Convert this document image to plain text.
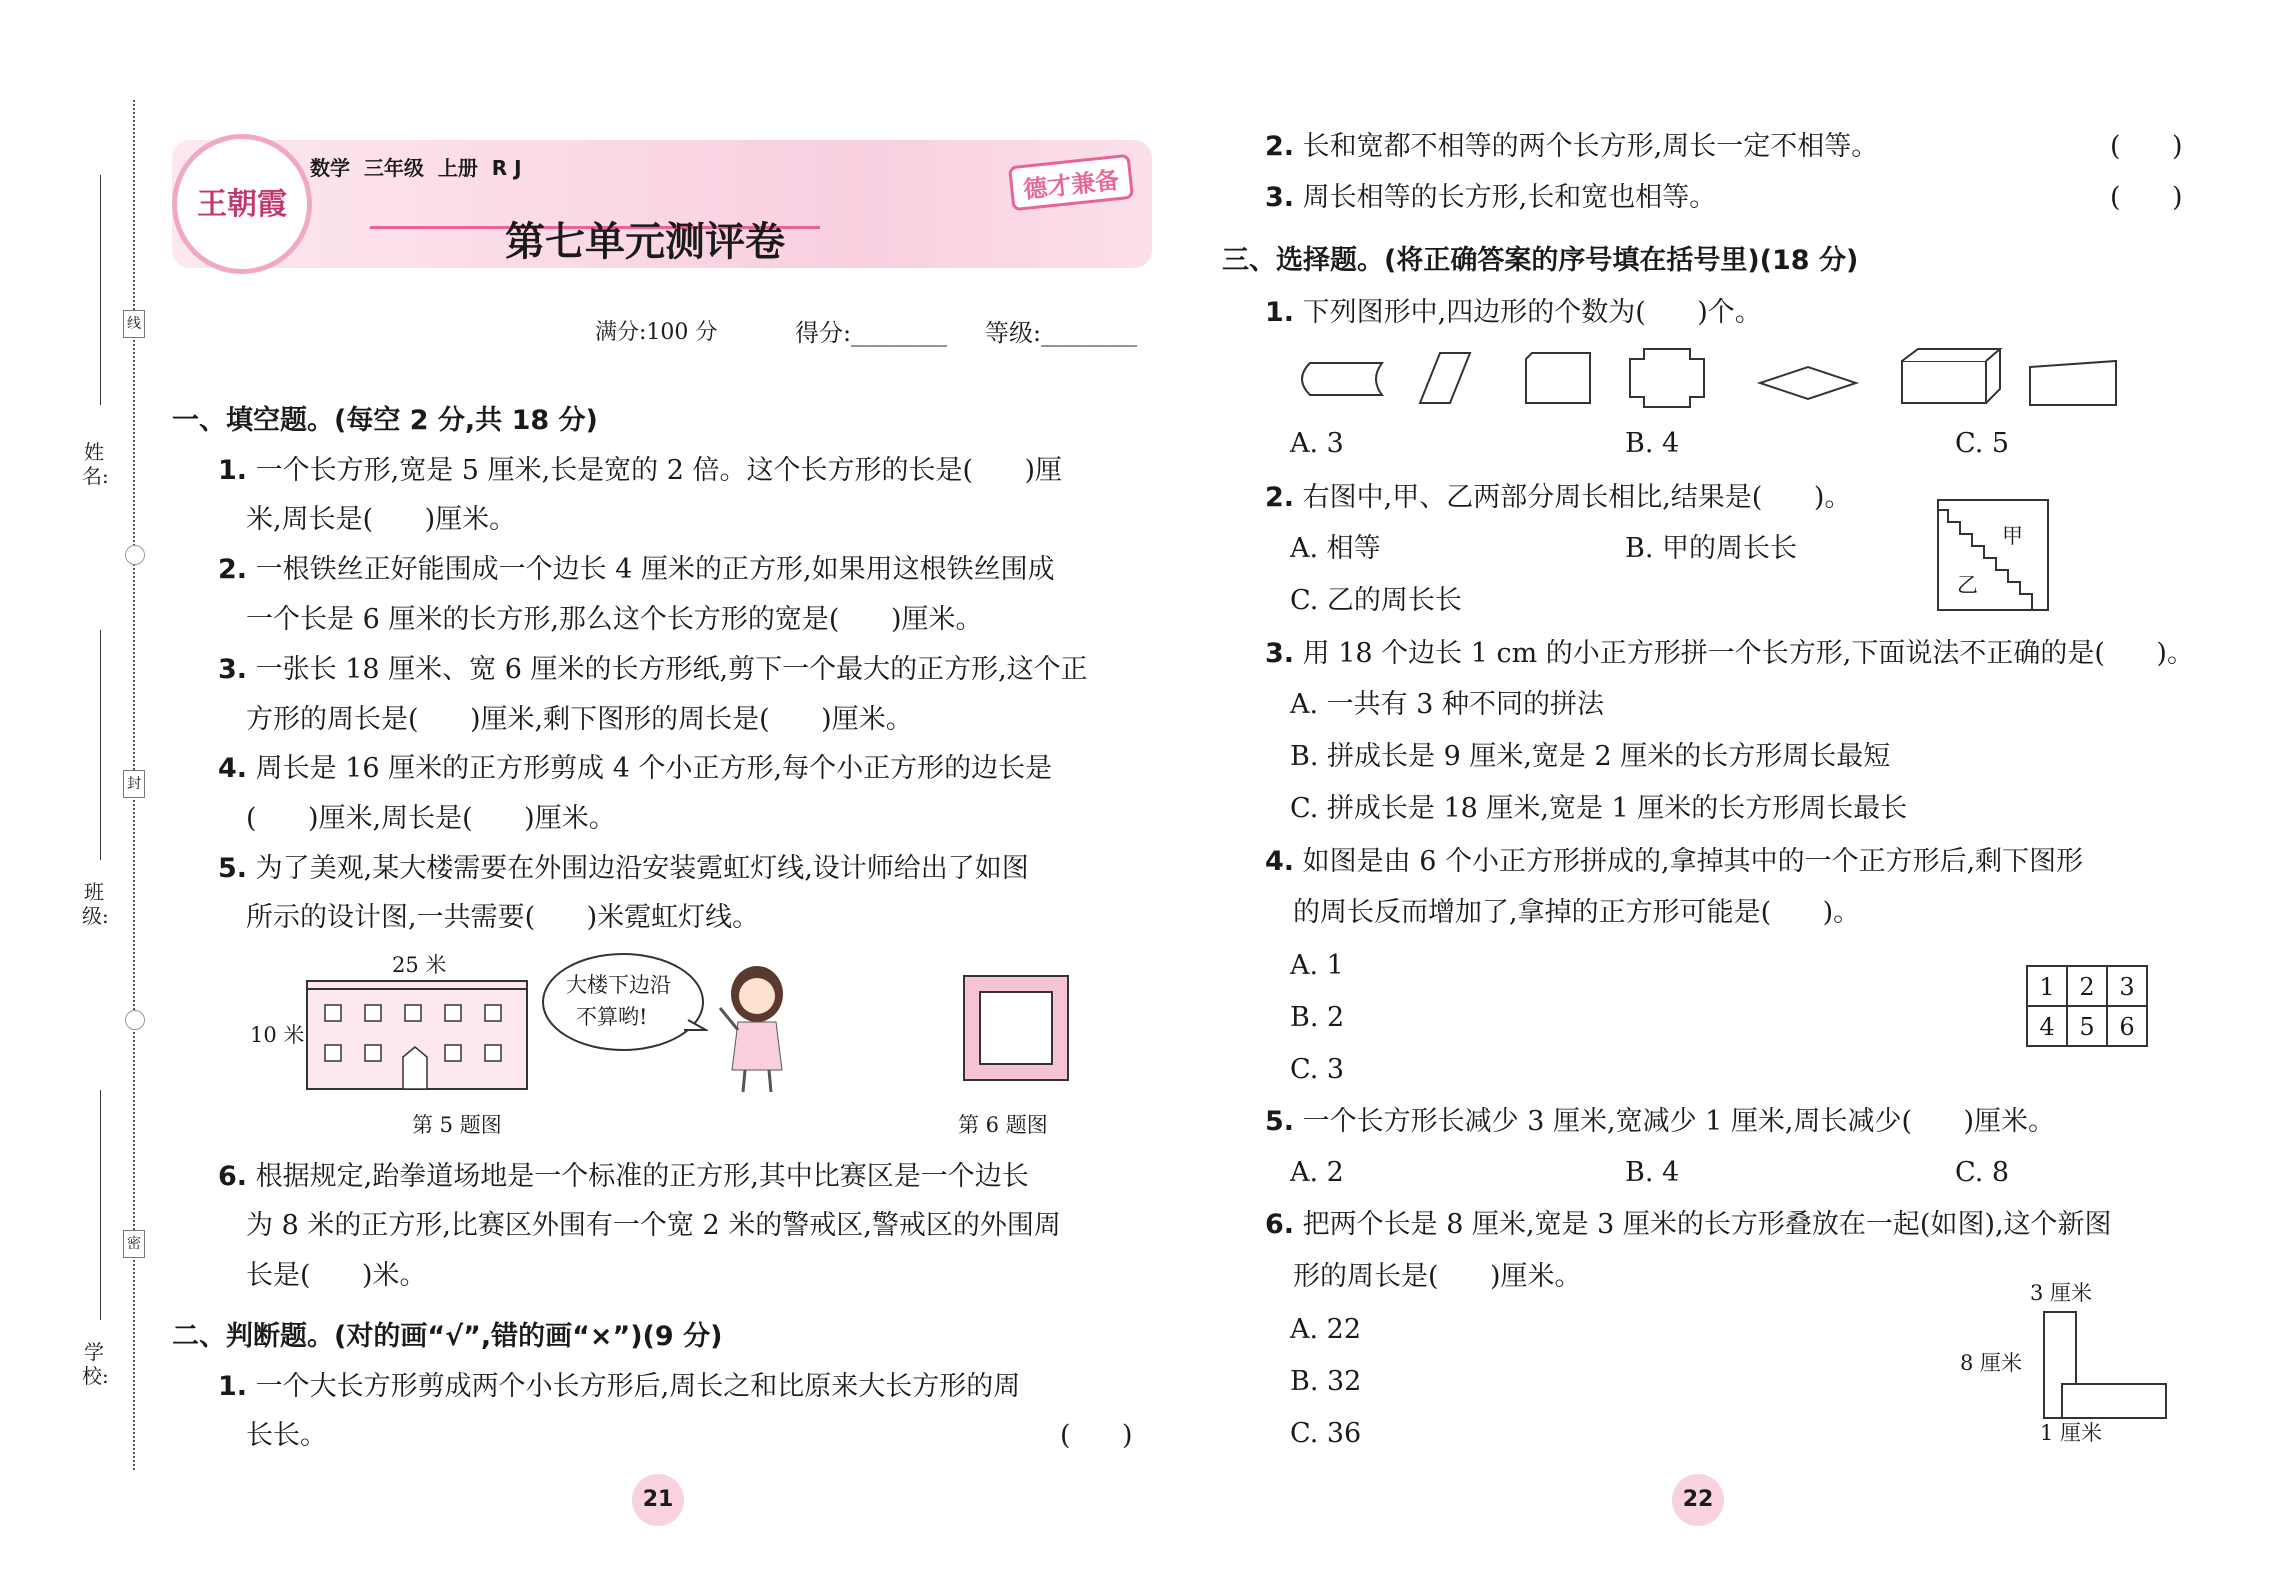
姓 名:
班 级:
学 校:
线
封
密
王朝霞
数学  三年级  上册  R J	德才兼备
第七单元测评卷
满分:100 分	得分:________ 等级:________
一、填空题。(每空 2 分,共 18 分)
1. 一个长方形,宽是 5 厘米,长是宽的 2 倍。这个长方形的长是(      )厘
米,周长是(      )厘米。
2. 一根铁丝正好能围成一个边长 4 厘米的正方形,如果用这根铁丝围成
一个长是 6 厘米的长方形,那么这个长方形的宽是(      )厘米。
3. 一张长 18 厘米、宽 6 厘米的长方形纸,剪下一个最大的正方形,这个正
方形的周长是(      )厘米,剩下图形的周长是(      )厘米。
4. 周长是 16 厘米的正方形剪成 4 个小正方形,每个小正方形的边长是
(      )厘米,周长是(      )厘米。
5. 为了美观,某大楼需要在外围边沿安装霓虹灯线,设计师给出了如图
所示的设计图,一共需要(      )米霓虹灯线。
25 米
10 米
大楼下边沿
不算哟!
第 5 题图	第 6 题图
6. 根据规定,跆拳道场地是一个标准的正方形,其中比赛区是一个边长
为 8 米的正方形,比赛区外围有一个宽 2 米的警戒区,警戒区的外围周
长是(      )米。
二、判断题。(对的画“√”,错的画“×”)(9 分)
1. 一个大长方形剪成两个小长方形后,周长之和比原来大长方形的周
长长。	(      )
21
2. 长和宽都不相等的两个长方形,周长一定不相等。	(      )
3. 周长相等的长方形,长和宽也相等。	(      )
三、选择题。(将正确答案的序号填在括号里)(18 分)
1. 下列图形中,四边形的个数为(      )个。
A. 3	B. 4	C. 5
2. 右图中,甲、乙两部分周长相比,结果是(      )。
A. 相等	B. 甲的周长长
C. 乙的周长长
甲
乙
3. 用 18 个边长 1 cm 的小正方形拼一个长方形,下面说法不正确的是(      )。
A. 一共有 3 种不同的拼法
B. 拼成长是 9 厘米,宽是 2 厘米的长方形周长最短
C. 拼成长是 18 厘米,宽是 1 厘米的长方形周长最长
4. 如图是由 6 个小正方形拼成的,拿掉其中的一个正方形后,剩下图形
的周长反而增加了,拿掉的正方形可能是(      )。
A. 1
B. 2
C. 3
1	2	3
4	5	6
5. 一个长方形长减少 3 厘米,宽减少 1 厘米,周长减少(      )厘米。
A. 2	B. 4	C. 8
6. 把两个长是 8 厘米,宽是 3 厘米的长方形叠放在一起(如图),这个新图
形的周长是(      )厘米。
A. 22
B. 32
C. 36
3 厘米
8 厘米
1 厘米
22
